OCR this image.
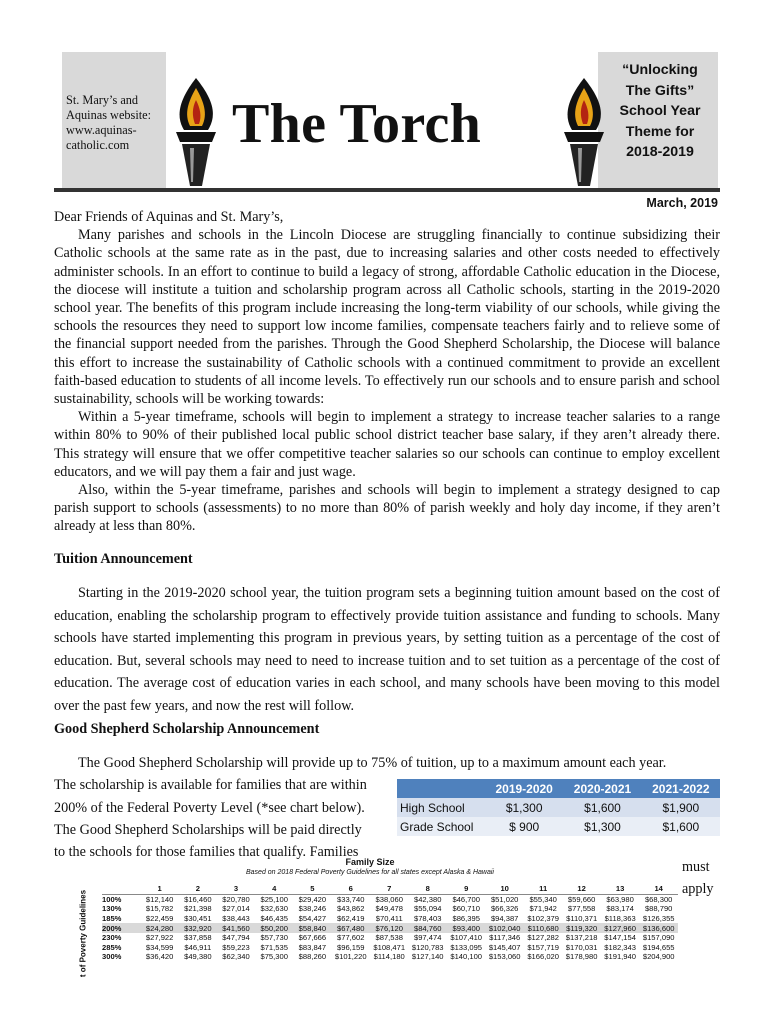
St. Mary’s and
Aquinas website:
www.aquinas-
catholic.com	The Torch
“Unlocking
The Gifts”
School Year
Theme for
2018-2019
March, 2019

Dear Friends of Aquinas and St. Mary’s,

Many parishes and schools in the Lincoln Diocese are struggling financially to continue subsidizing their Catholic schools at the same rate as in the past, due to increasing salaries and other costs needed to effectively administer schools. In an effort to continue to build a legacy of strong, affordable Catholic education in the Diocese, the diocese will institute a tuition and scholarship program across all Catholic schools, starting in the 2019-2020 school year. The benefits of this program include increasing the long-term viability of our schools, while giving the schools the resources they need to support low income families, compensate teachers fairly and to relieve some of the financial support needed from the parishes. Through the Good Shepherd Scholarship, the Diocese will balance this effort to increase the sustainability of Catholic schools with a continued commitment to provide an excellent faith-based education to students of all income levels. To effectively run our schools and to ensure parish and school sustainability, schools will be working towards:

Within a 5-year timeframe, schools will begin to implement a strategy to increase teacher salaries to a range within 80% to 90% of their published local public school district teacher base salary, if they aren’t already there. This strategy will ensure that we offer competitive teacher salaries so our schools can continue to employ excellent educators, and we will pay them a fair and just wage.

Also, within the 5-year timeframe, parishes and schools will begin to implement a strategy designed to cap parish support to schools (assessments) to no more than 80% of parish weekly and holy day income, if they aren’t already at less than 80%.

Tuition Announcement

Starting in the 2019-2020 school year, the tuition program sets a beginning tuition amount based on the cost of education, enabling the scholarship program to effectively provide tuition assistance and funding to schools. Many schools have started implementing this program in previous years, by setting tuition as a percentage of the cost of education. But, several schools may need to need to increase tuition and to set tuition as a percentage of the cost of education. The average cost of education varies in each school, and many schools have been moving to this model over the past few years, and now the rest will follow.

Good Shepherd Scholarship Announcement
The Good Shepherd Scholarship will provide up to 75% of tuition, up to a maximum amount each year.
The scholarship is available for families that are within
200% of the Federal Poverty Level (*see chart below).
The Good Shepherd Scholarships will be paid directly
to the schools for those families that qualify. Families
	2019-2020	2020-2021	2021-2022
High School	$1,300	$1,600	$1,900
Grade School	$ 900	$1,300	$1,600
must
apply
Family Size
Based on 2018 Federal Poverty Guidelines for all states except Alaska & Hawaii
t of Poverty Guidelines
	1	2	3	4	5	6	7	8	9	10	11	12	13	14
100%	$12,140	$16,460	$20,780	$25,100	$29,420	$33,740	$38,060	$42,380	$46,700	$51,020	$55,340	$59,660	$63,980	$68,300
130%	$15,782	$21,398	$27,014	$32,630	$38,246	$43,862	$49,478	$55,094	$60,710	$66,326	$71,942	$77,558	$83,174	$88,790
185%	$22,459	$30,451	$38,443	$46,435	$54,427	$62,419	$70,411	$78,403	$86,395	$94,387	$102,379	$110,371	$118,363	$126,355
200%	$24,280	$32,920	$41,560	$50,200	$58,840	$67,480	$76,120	$84,760	$93,400	$102,040	$110,680	$119,320	$127,960	$136,600
230%	$27,922	$37,858	$47,794	$57,730	$67,666	$77,602	$87,538	$97,474	$107,410	$117,346	$127,282	$137,218	$147,154	$157,090
285%	$34,599	$46,911	$59,223	$71,535	$83,847	$96,159	$108,471	$120,783	$133,095	$145,407	$157,719	$170,031	$182,343	$194,655
300%	$36,420	$49,380	$62,340	$75,300	$88,260	$101,220	$114,180	$127,140	$140,100	$153,060	$166,020	$178,980	$191,940	$204,900
